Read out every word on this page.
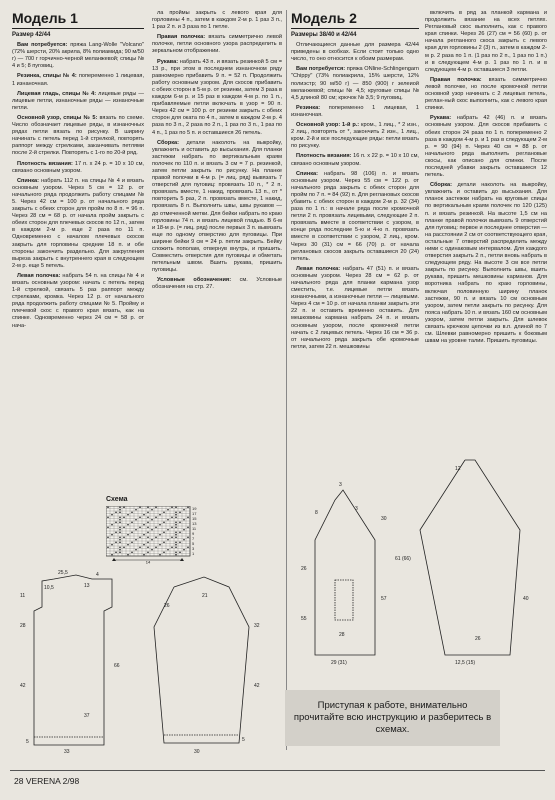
Модель 1
Размер 42/44

Вам потребуется: пряжа Lang-Wolle "Volcano" (72% шерсти, 20% акрила, 8% полиамида; 90 м/50 г) — 700 г горчично-черной меланжевой; спицы № 4 и 5; 8 пуговиц.

Резинка, спицы № 4: попеременно 1 лицевая, 1 изнаночная.

Лицевая гладь, спицы № 4: лицевые ряды — лицевые петли, изнаночные ряды — изнаночные петли.

Основной узор, спицы № 5: вязать по схеме. Число обозначает лицевые ряды, в изнаночных рядах петли вязать по рисунку. В ширину начинать с петель перед 1-й стрелкой, повторять раппорт между стрелками, заканчивать петлями после 2-й стрелки. Повторять с 1-го по 20-й ряд.

Плотность вязания: 17 п. х 24 р. = 10 х 10 см, связано основным узором.

Спинка: набрать 112 п. на спицы № 4 и вязать основным узором. Через 5 см = 12 р. от начального ряда продолжить работу спицами № 5. Через 42 см = 100 р. от начального ряда закрыть с обеих сторон для пройм по 8 п. = 96 п. Через 28 см = 68 р. от начала пройм закрыть с обеих сторон для плечевых скосов по 12 п., затем в каждом 2-м р. еще 2 раза по 11 п. Одновременно с началом плечевых скосов закрыть для горловины средние 18 п. и обе стороны закончить раздельно. Для закругления выреза закрыть с внутреннего края в следующем 2-м р. еще 5 петель.

Левая полочка: набрать 54 п. на спицы № 4 и вязать основным узором: начать с петель перед 1-й стрелкой, связать 5 раз раппорт между стрелками, кромка. Через 12 р. от начального ряда продолжить работу спицами № 5. Пройму и плечевой скос с правого края вязать, как на спинке. Одновременно через 24 см = 58 р. от нача-

ла проймы закрыть с левого края для горловины 4 п., затем в каждом 2-м р. 1 раз 3 п., 1 раз 2 п. и 3 раза по 1 петле.

Правая полочка: вязать симметрично левой полочке, петли основного узора распределить в зеркальном отображении.

Рукава: набрать 43 п. и вязать резинкой 5 см = 13 р., при этом в последнем изнаночном ряду равномерно прибавить 9 п. = 52 п. Продолжить работу основным узором. Для скосов прибавить с обеих сторон в 5-м р. от резинки, затем 3 раза в каждом 6-м р. и 15 раз в каждом 4-м р. по 1 п., прибавляемые петли включать в узор = 90 п. Через 42 см = 100 р. от резинки закрыть с обеих сторон для оката по 4 п., затем в каждом 2-м р. 4 раза по 3 п., 2 раза по 2 п., 1 раз по 3 п., 1 раз по 4 п., 1 раз по 5 п. и оставшиеся 26 петель.

Сборка: детали наколоть на выкройку, увлажнить и оставить до высыхания. Для планки застежки набрать по вертикальным краям полочек по 110 п. и вязать 3 см = 7 р. резинкой, затем петли закрыть по рисунку. На планке правой полочки в 4-м р. (= лиц. ряд) вывязать 7 отверстий для пуговиц: провязать 10 п., * 2 п. провязать вместе, 1 накид, провязать 13 п., от * повторить 5 раз, 2 п. провязать вместе, 1 накид, провязать 8 п. Выполнить швы, швы рукавов — до отмеченной метки. Для бейки набрать по краю горловины 74 п. и вязать лицевой гладью. В 6-м и 18-м р. (= лиц. ряд) после первых 3 п. вывязать еще по одному отверстию для пуговицы. При ширине бейки 9 см = 24 р. петли закрыть. Бейку сложить пополам, отвернув внутрь, и пришить. Совместить отверстия для пуговицы и обметать петельным швом. Вшить рукава, пришить пуговицы.

Условные обозначения: см. Условные обозначения на стр. 27.

Модель 2
Размеры 38/40 и 42/44

Отличающиеся данные для размера 42/44 приведены в скобках. Если стоит только одно число, то оно относится к обоим размерам.

Вам потребуется: пряжа ONline-Schlingengarn "Chippy" (73% полиакрила, 15% шерсти, 12% полиэстр; 90 м/50 г) — 850 (900) г зелеиой меланжевой; спицы № 4,5; круговые спицы № 4,5 длиной 80 см; крючок № 3,5; 9 пуговиц.

Резинка: попеременно 1 лицевая, 1 изнаночная.

Основной узор: 1-й р.: кром., 1 лиц., * 2 изн., 2 лиц., повторять от *, закончить 2 изн., 1 лиц., кром. 2-й и все последующие ряды: петли вязать по рисунку.

Плотность вязания: 16 п. х 22 р. = 10 х 10 см, связано основным узором.

Спинка: набрать 98 (106) п. и вязать основным узором. Через 55 см = 122 р. от начального ряда закрыть с обеих сторон для пройм по 7 п. = 84 (92) п. Для реглановых скосов убавить с обеих сторон в каждом 2-м р. 32 (34) раза по 1 п.: в начале ряда после кромочной петли 2 п. провязать лицевыми, следующие 2 п. провязать вместе в соответствии с узором, в конце ряда последние 5-ю и 4-ю п. провязать вместе в соответствии с узором, 2 лиц., кром. Через 30 (31) см = 66 (70) р. от начала реглановых скосов закрыть оставшиеся 20 (24) петель.

Левая полочка: набрать 47 (51) п. и вязать основным узором. Через 28 см = 62 р. от начального ряда для планки кармана узор сместить, т.е. лицевые петли вязать изнаночными, а изнаночные петли — лицевыми. Через 4 см = 10 р. от начала планки закрыть эти 22 п. и оставить временно оставить. Для мешковины кармана набрать 24 п. и вязать основным узором, после кромочной петли начать с 2 лицевых петель. Через 16 см = 36 р. от начального ряда закрыть обе кромочные петли, затем 22 п. мешковины

включить в ряд за планкой кармана и продолжить вязание на всех петлях. Реглановый скос выполнить, как с правого края спинки. Через 26 (27) см = 56 (60) р. от начала регланного скоса закрыть с левого края для горловины 2 (3) п., затем в каждом 2-м р. 2 раза по 1 п. (1 раз по 2 п., 1 раз по 1 п.) и в следующем 4-м р. 1 раз по 1 п. и в следующем 4-м р. оставшиеся 3 петли.

Правая полочка: вязать симметрично левой полочке, но после кромочной петли основной узор начинать с 2 лицевых петель, реглан-ный скос выполнить, как с левого края спинки.

Рукава: набрать 42 (46) п. и вязать основным узором. Для скосов прибавить с обеих сторон 24 раза по 1 п. попеременно 2 раза в каждом 4-м р. и 1 раз в следующем 2-м р. = 90 (94) п. Через 40 см = 88 р. от начального ряда выполнить реглановые скосы, как описано для спинки. После последней убавки закрыть оставшиеся 12 петель.

Сборка: детали наколоть на выкройку, увлажнить и оставить до высыхания. Для планок застежки набрать на круговые спицы по вертикальным краям полочек по 120 (125) п. и вязать резинкой. На высоте 1,5 см на планке правой полочки вывязать 9 отверстий для пуговиц: первое и последнее отверстия — на расстоянии 2 см от соответствующего края, остальные 7 отверстий распределить между ними с одинаковым интервалом. Для каждого отверстия закрыть 2 п., петли вновь набрать в следующем ряду. На высоте 3 см все петли закрыть по рисунку. Выполнить швы, вшить рукава, пришить мешковины карманов. Для воротника набрать по краю горловины, включая половинную ширину планок застежки, 90 п. и вязать 10 см основным узором, затем петли закрыть по рисунку. Для пояса набрать 10 п. и вязать 160 см основным узором, затем петли закрыть. Для шлевок связать крючком цепочки из в.п. длиной по 7 см. Шлевки равномерно пришить к боковым швам на уровне талии. Пришить пуговицы.

Схема
19
17
15
13
11
9
7
5
3
1
14
25,5	4
13
10,5
66
11
28
37
42
5
26
33
21
32
5
42
30
3
8
3
26
57
30
55
61 (66)
28
40
29 (31)
12
26
12,5 (15)
Приступая к работе, внимательно прочитайте всю инструкцию и разберитесь в схемах.
28 VERENA 2/98
